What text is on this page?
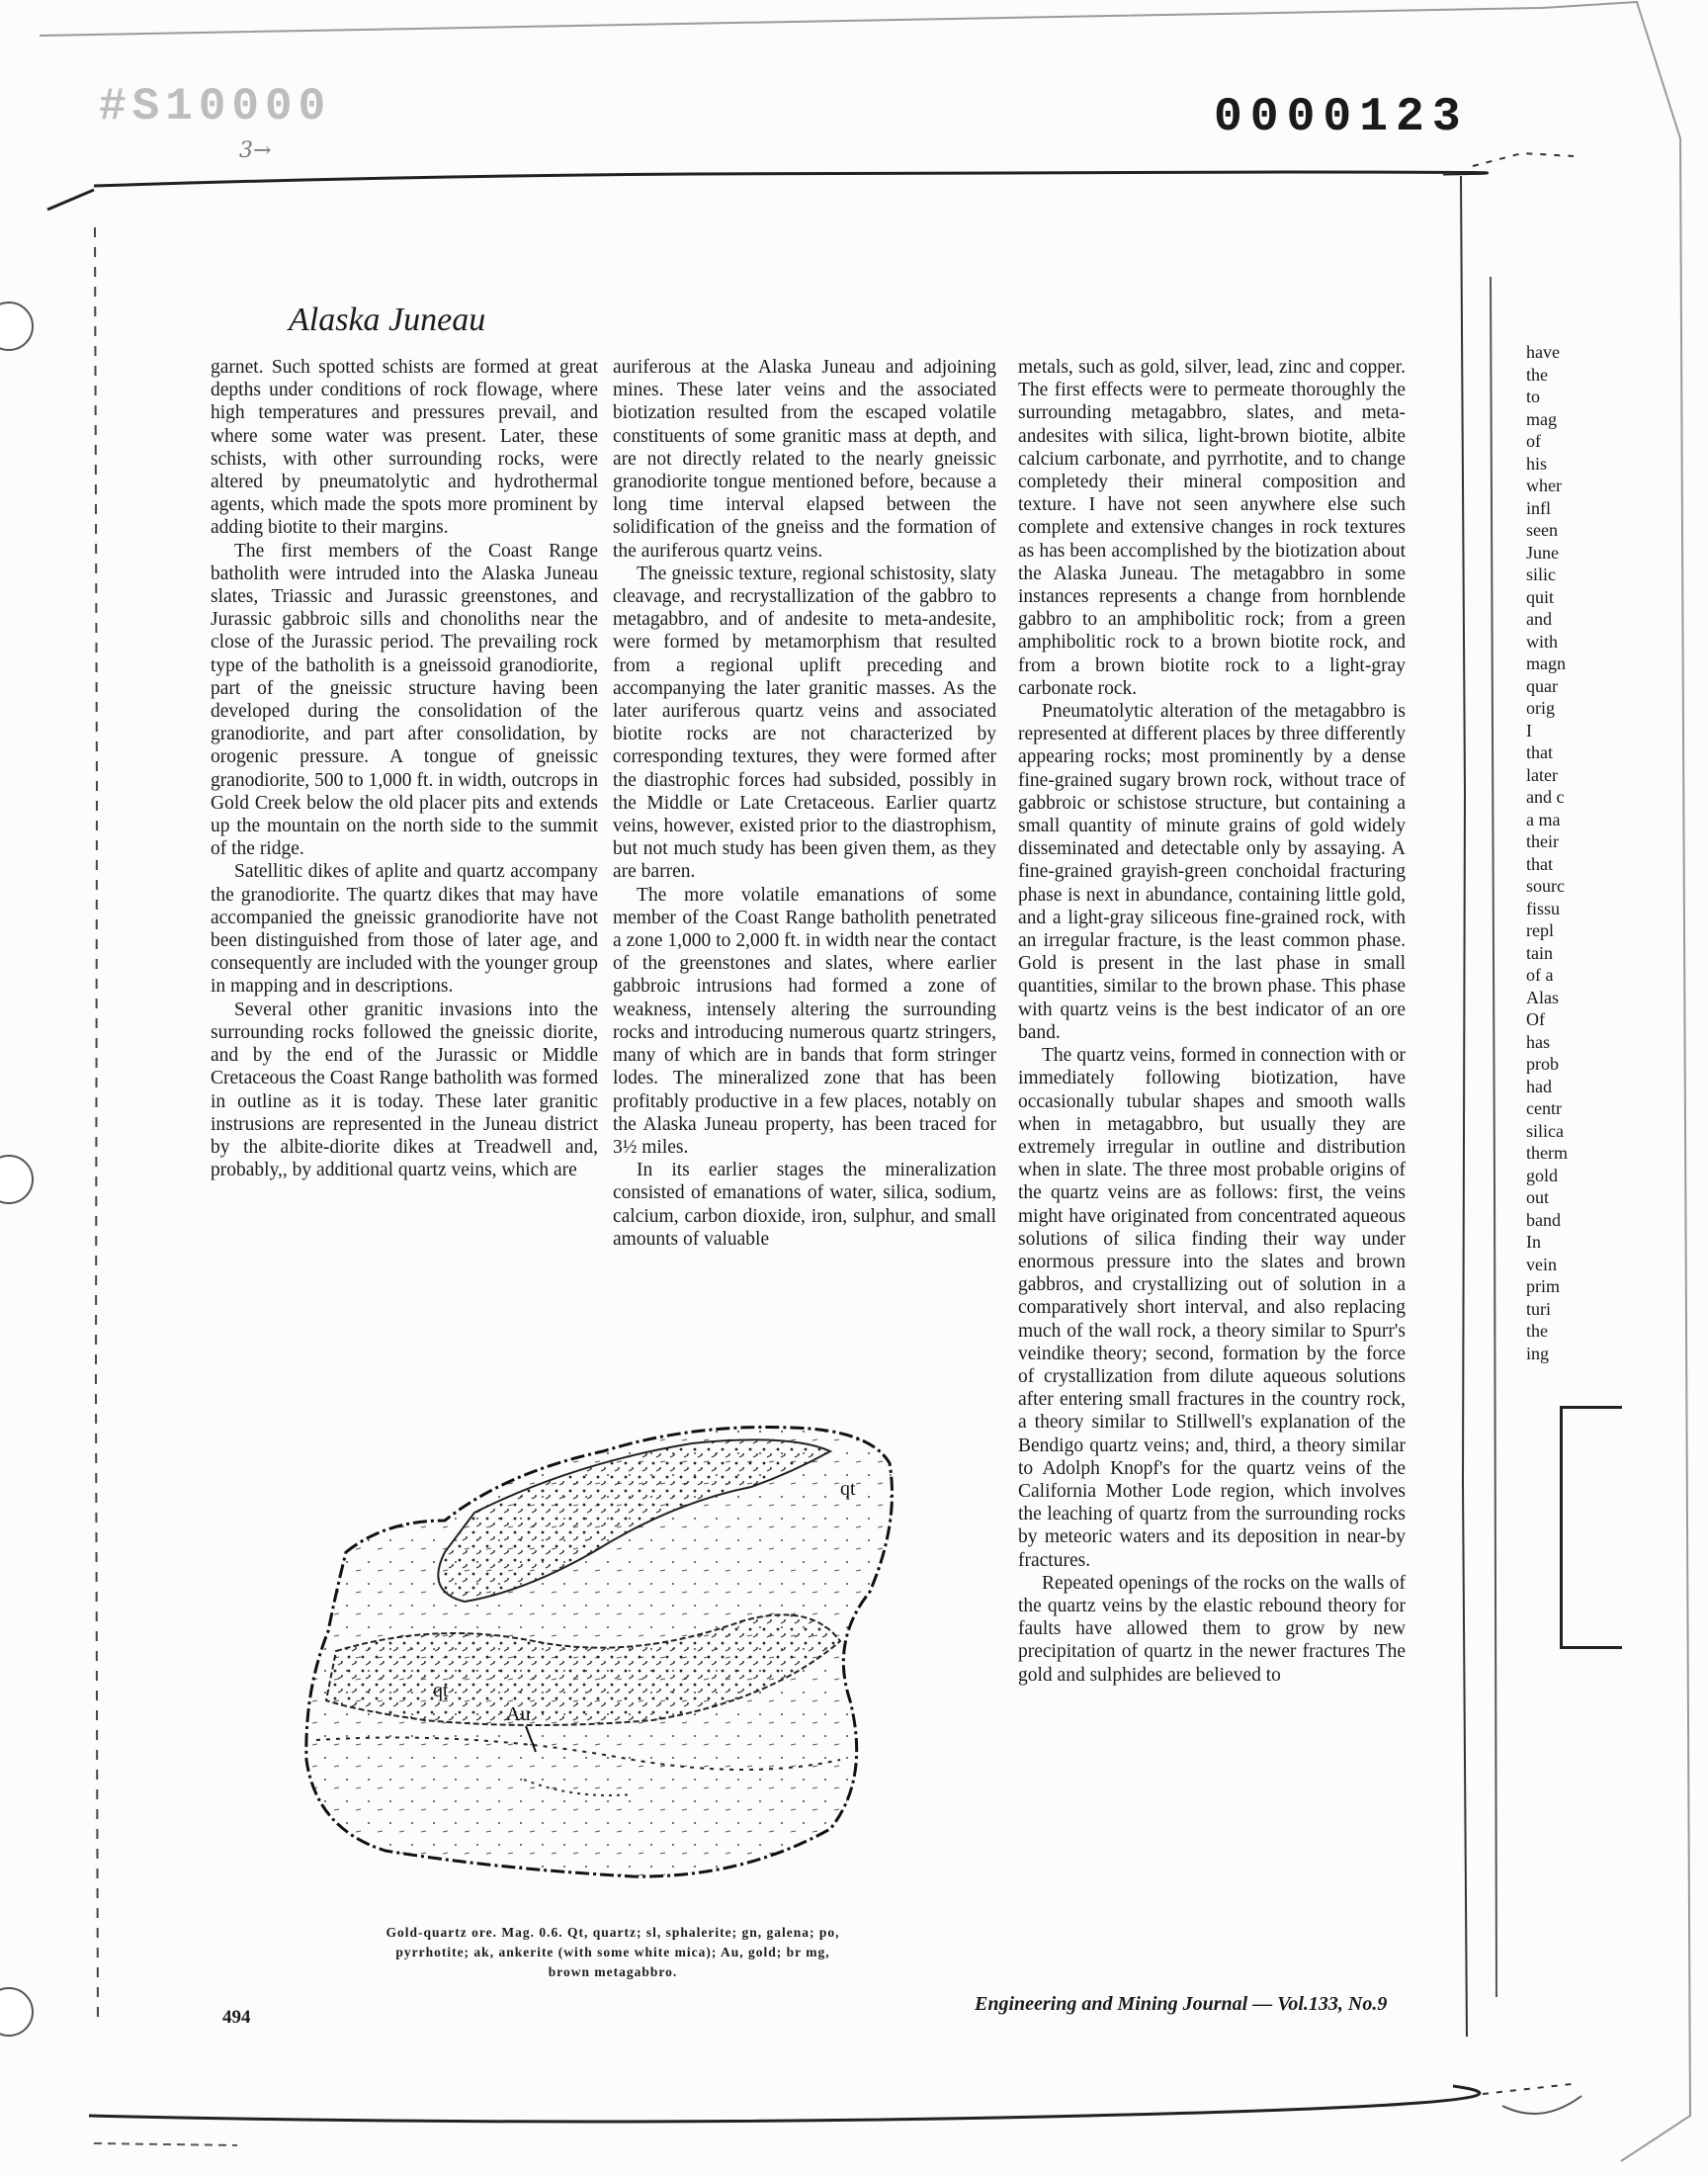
#S10000
3→
0000123
Alaska Juneau

garnet. Such spotted schists are formed at great depths under conditions of rock flowage, where high temperatures and pressures prevail, and where some water was present. Later, these schists, with other surrounding rocks, were altered by pneumatolytic and hydrothermal agents, which made the spots more prominent by adding biotite to their margins.

The first members of the Coast Range batholith were intruded into the Alaska Juneau slates, Triassic and Jurassic greenstones, and Jurassic gabbroic sills and chonoliths near the close of the Jurassic period. The prevailing rock type of the batholith is a gneissoid granodiorite, part of the gneissic structure having been developed during the consolidation of the granodiorite, and part after consolidation, by orogenic pressure. A tongue of gneissic granodiorite, 500 to 1,000 ft. in width, outcrops in Gold Creek below the old placer pits and extends up the mountain on the north side to the summit of the ridge.

Satellitic dikes of aplite and quartz accompany the granodiorite. The quartz dikes that may have accompanied the gneissic granodiorite have not been distinguished from those of later age, and consequently are included with the younger group in mapping and in descriptions.

Several other granitic invasions into the surrounding rocks followed the gneissic diorite, and by the end of the Jurassic or Middle Cretaceous the Coast Range batholith was formed in outline as it is today. These later granitic instrusions are represented in the Juneau district by the albite-diorite dikes at Treadwell and, probably,, by additional quartz veins, which are

auriferous at the Alaska Juneau and adjoining mines. These later veins and the associated biotization resulted from the escaped volatile constituents of some granitic mass at depth, and are not directly related to the nearly gneissic granodiorite tongue mentioned before, because a long time interval elapsed between the solidification of the gneiss and the formation of the auriferous quartz veins.

The gneissic texture, regional schistosity, slaty cleavage, and recrystallization of the gabbro to metagabbro, and of andesite to meta-andesite, were formed by metamorphism that resulted from a regional uplift preceding and accompanying the later granitic masses. As the later auriferous quartz veins and associated biotite rocks are not characterized by corresponding textures, they were formed after the diastrophic forces had subsided, possibly in the Middle or Late Cretaceous. Earlier quartz veins, however, existed prior to the diastrophism, but not much study has been given them, as they are barren.

The more volatile emanations of some member of the Coast Range batholith penetrated a zone 1,000 to 2,000 ft. in width near the contact of the greenstones and slates, where earlier gabbroic intrusions had formed a zone of weakness, intensely altering the surrounding rocks and introducing numerous quartz stringers, many of which are in bands that form stringer lodes. The mineralized zone that has been profitably productive in a few places, notably on the Alaska Juneau property, has been traced for 3½ miles.

In its earlier stages the mineralization consisted of emanations of water, silica, sodium, calcium, carbon dioxide, iron, sulphur, and small amounts of valuable

metals, such as gold, silver, lead, zinc and copper. The first effects were to permeate thoroughly the surrounding metagabbro, slates, and meta-andesites with silica, light-brown biotite, albite calcium carbonate, and pyrrhotite, and to change completedy their mineral composition and texture. I have not seen anywhere else such complete and extensive changes in rock textures as has been accomplished by the biotization about the Alaska Juneau. The metagabbro in some instances represents a change from hornblende gabbro to an amphibolitic rock; from a green amphibolitic rock to a brown biotite rock, and from a brown biotite rock to a light-gray carbonate rock.

Pneumatolytic alteration of the metagabbro is represented at different places by three differently appearing rocks; most prominently by a dense fine-grained sugary brown rock, without trace of gabbroic or schistose structure, but containing a small quantity of minute grains of gold widely disseminated and detectable only by assaying. A fine-grained grayish-green conchoidal fracturing phase is next in abundance, containing little gold, and a light-gray siliceous fine-grained rock, with an irregular fracture, is the least common phase. Gold is present in the last phase in small quantities, similar to the brown phase. This phase with quartz veins is the best indicator of an ore band.

The quartz veins, formed in connection with or immediately following biotization, have occasionally tubular shapes and smooth walls when in metagabbro, but usually they are extremely irregular in outline and distribution when in slate. The three most probable origins of the quartz veins are as follows: first, the veins might have originated from concentrated aqueous solutions of silica finding their way under enormous pressure into the slates and brown gabbros, and crystallizing out of solution in a comparatively short interval, and also replacing much of the wall rock, a theory similar to Spurr's veindike theory; second, formation by the force of crystallization from dilute aqueous solutions after entering small fractures in the country rock, a theory similar to Stillwell's explanation of the Bendigo quartz veins; and, third, a theory similar to Adolph Knopf's for the quartz veins of the California Mother Lode region, which involves the leaching of quartz from the surrounding rocks by meteoric waters and its deposition in near-by fractures.

Repeated openings of the rocks on the walls of the quartz veins by the elastic rebound theory for faults have allowed them to grow by new precipitation of quartz in the newer fractures The gold and sulphides are believed to

have
the
to
mag
of
his
wher
infl
seen
June
silic
quit
and
with
magn
quar
orig
I
that
later
and c
a ma
their
that
sourc
fissu
repl
tain
of a
Alas
Of
has
prob
had
centr
silica
therm
gold
out
band
In
vein
prim
turi
the
ing
qt
qt
Au
Gold-quartz ore. Mag. 0.6. Qt, quartz; sl, sphalerite; gn, galena; po,
pyrrhotite; ak, ankerite (with some white mica); Au, gold; br mg,
brown metagabbro.
494
Engineering and Mining Journal — Vol.133, No.9
